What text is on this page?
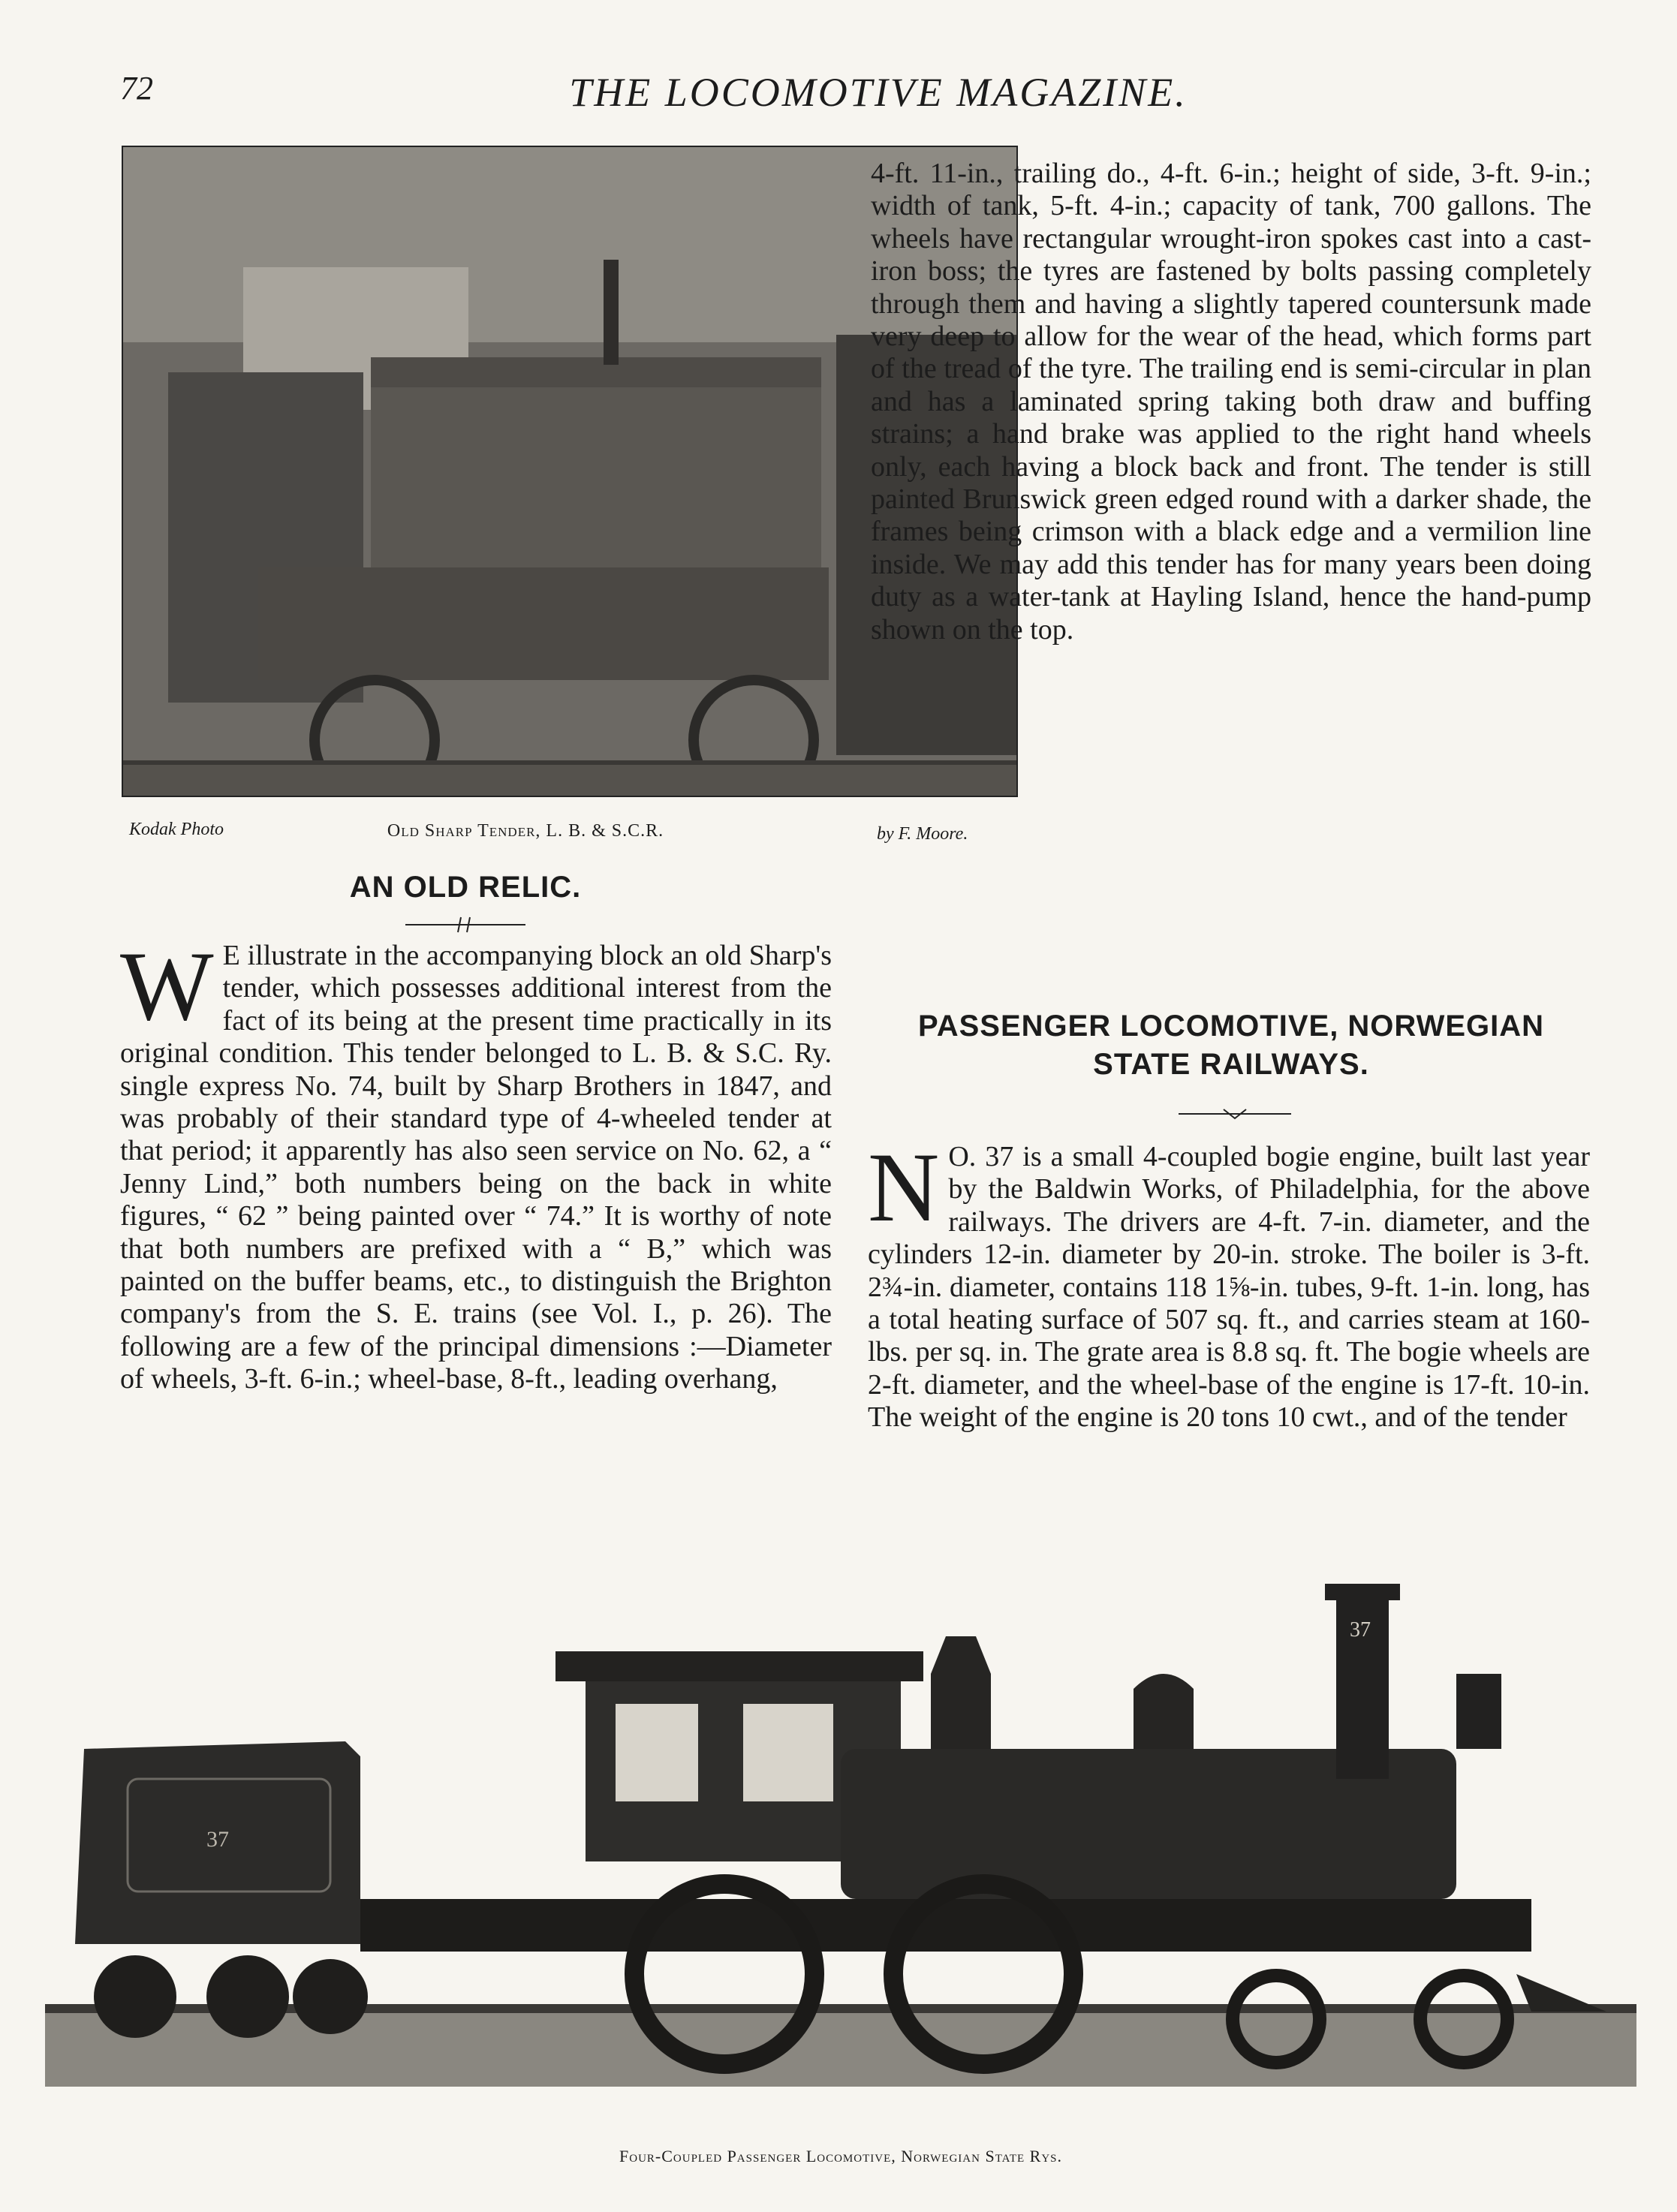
72	THE LOCOMOTIVE MAGAZINE.
Kodak Photo	Old Sharp Tender, L. B. & S.C.R.	by F. Moore.
AN OLD RELIC.

W E illustrate in the accompanying block an old Sharp's tender, which possesses additional interest from the fact of its being at the present time practically in its original condition. This tender belonged to L. B. & S.C. Ry. single express No. 74, built by Sharp Brothers in 1847, and was probably of their standard type of 4-wheeled tender at that period; it apparently has also seen service on No. 62, a “ Jenny Lind,” both numbers being on the back in white figures, “ 62 ” being painted over “ 74.” It is worthy of note that both numbers are prefixed with a “ B,” which was painted on the buffer beams, etc., to distinguish the Brighton company's from the S. E. trains (see Vol. I., p. 26). The following are a few of the principal dimensions :—Diameter of wheels, 3-ft. 6-in.; wheel-base, 8-ft., leading overhang,

4-ft. 11-in., trailing do., 4-ft. 6-in.; height of side, 3-ft. 9-in.; width of tank, 5-ft. 4-in.; capacity of tank, 700 gallons. The wheels have rectangular wrought-iron spokes cast into a cast-iron boss; the tyres are fastened by bolts passing completely through them and having a slightly tapered countersunk made very deep to allow for the wear of the head, which forms part of the tread of the tyre. The trailing end is semi-circular in plan and has a laminated spring taking both draw and buffing strains; a hand brake was applied to the right hand wheels only, each having a block back and front. The tender is still painted Brunswick green edged round with a darker shade, the frames being crimson with a black edge and a vermilion line inside. We may add this tender has for many years been doing duty as a water-tank at Hayling Island, hence the hand-pump shown on the top.

PASSENGER LOCOMOTIVE, NORWEGIAN
STATE RAILWAYS.

N O. 37 is a small 4-coupled bogie engine, built last year by the Baldwin Works, of Philadelphia, for the above railways. The drivers are 4-ft. 7-in. diameter, and the cylinders 12-in. diameter by 20-in. stroke. The boiler is 3-ft. 2¾-in. diameter, contains 118 1⅝-in. tubes, 9-ft. 1-in. long, has a total heating surface of 507 sq. ft., and carries steam at 160-lbs. per sq. in. The grate area is 8.8 sq. ft. The bogie wheels are 2-ft. diameter, and the wheel-base of the engine is 17-ft. 10-in. The weight of the engine is 20 tons 10 cwt., and of the tender

37
37
Four-Coupled Passenger Locomotive, Norwegian State Rys.
